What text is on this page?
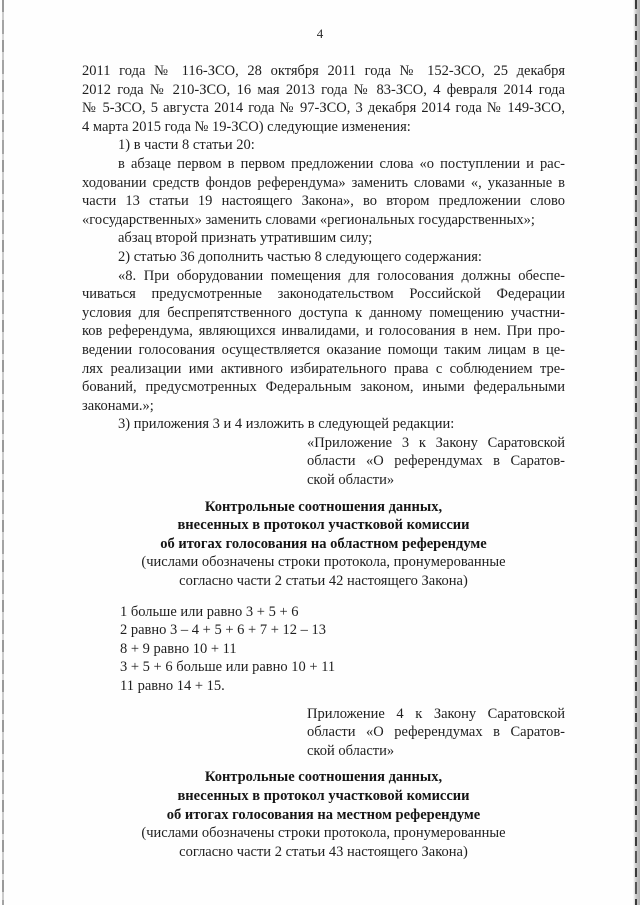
4
2011 года № 116-ЗСО, 28 октября 2011 года № 152-ЗСО, 25 декабря
2012 года № 210-ЗСО, 16 мая 2013 года № 83-ЗСО, 4 февраля 2014 года
№ 5-ЗСО, 5 августа 2014 года № 97-ЗСО, 3 декабря 2014 года № 149-ЗСО,
4 марта 2015 года № 19-ЗСО) следующие изменения:
1) в части 8 статьи 20:
в абзаце первом в первом предложении слова «о поступлении и рас-
ходовании средств фондов референдума» заменить словами «, указанные в
части 13 статьи 19 настоящего Закона», во втором предложении слово
«государственных» заменить словами «региональных государственных»;
абзац второй признать утратившим силу;
2) статью 36 дополнить частью 8 следующего содержания:
«8. При оборудовании помещения для голосования должны обеспе-
чиваться предусмотренные законодательством Российской Федерации
условия для беспрепятственного доступа к данному помещению участни-
ков референдума, являющихся инвалидами, и голосования в нем. При про-
ведении голосования осуществляется оказание помощи таким лицам в це-
лях реализации ими активного избирательного права с соблюдением тре-
бований, предусмотренных Федеральным законом, иными федеральными
законами.»;
3) приложения 3 и 4 изложить в следующей редакции:
«Приложение 3 к Закону Саратовской
области «О референдумах в Саратов-
ской области»
Контрольные соотношения данных,
внесенных в протокол участковой комиссии
об итогах голосования на областном референдуме
(числами обозначены строки протокола, пронумерованные
согласно части 2 статьи 42 настоящего Закона)
1 больше или равно 3 + 5 + 6
2 равно 3 – 4 + 5 + 6 + 7 + 12 – 13
8 + 9 равно 10 + 11
3 + 5 + 6 больше или равно 10 + 11
11 равно 14 + 15.
Приложение 4 к Закону Саратовской
области «О референдумах в Саратов-
ской области»
Контрольные соотношения данных,
внесенных в протокол участковой комиссии
об итогах голосования на местном референдуме
(числами обозначены строки протокола, пронумерованные
согласно части 2 статьи 43 настоящего Закона)
